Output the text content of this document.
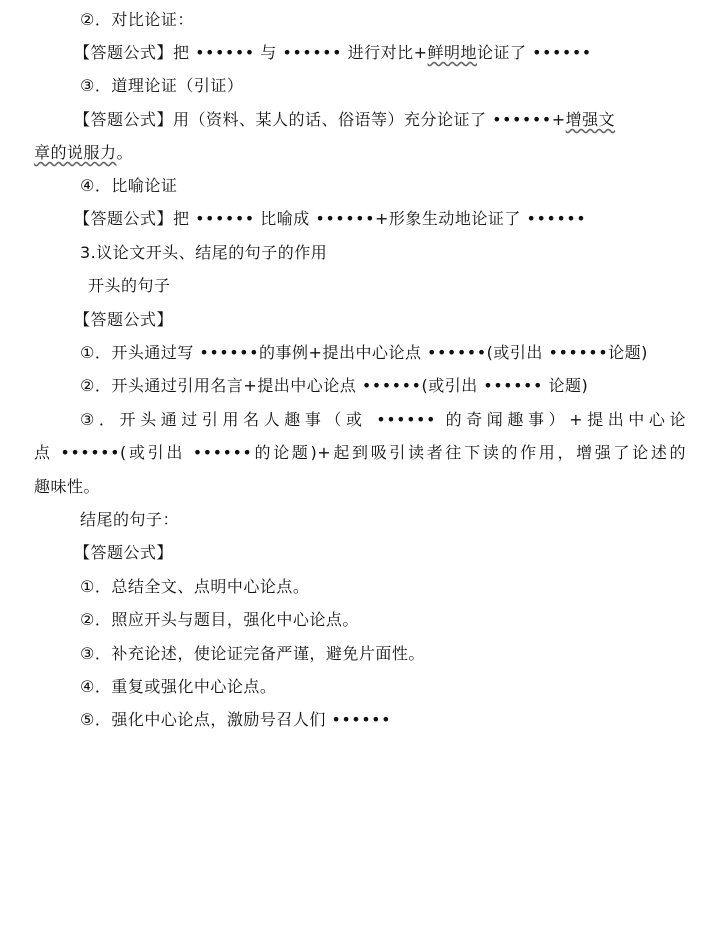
②．对比论证：
【答题公式】把 •••••• 与 •••••• 进行对比+鲜明地论证了 ••••••
③．道理论证（引证）
【答题公式】用（资料、某人的话、俗语等）充分论证了 ••••••+增强文
章的说服力。
④．比喻论证
【答题公式】把 •••••• 比喻成 ••••••+形象生动地论证了 ••••••
3.议论文开头、结尾的句子的作用
开头的句子
【答题公式】
①．开头通过写 ••••••的事例+提出中心论点 ••••••(或引出 ••••••论题)
②．开头通过引用名言+提出中心论点 ••••••(或引出 •••••• 论题)
③．开头通过引用名人趣事（或 •••••• 的奇闻趣事）+提出中心论
点 ••••••(或引出 ••••••的论题)+起到吸引读者往下读的作用，增强了论述的
趣味性。
结尾的句子：
【答题公式】
①．总结全文、点明中心论点。
②．照应开头与题目，强化中心论点。
③．补充论述，使论证完备严谨，避免片面性。
④．重复或强化中心论点。
⑤．强化中心论点，激励号召人们 ••••••
